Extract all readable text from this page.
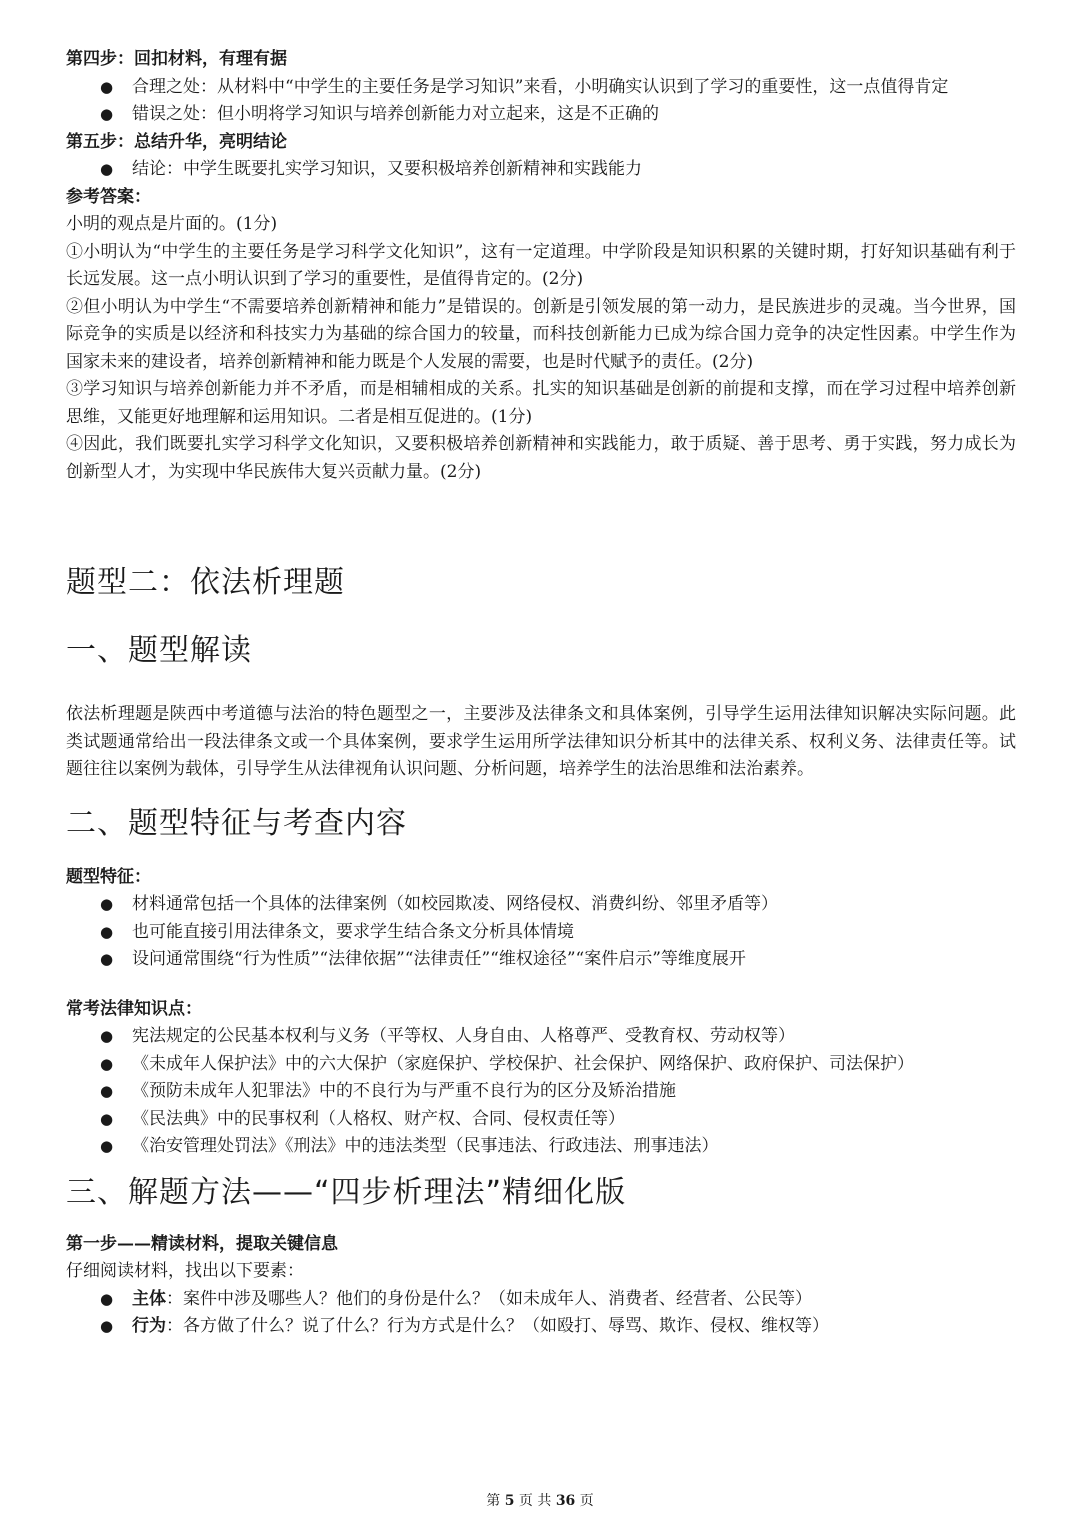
第四步：回扣材料，有理有据
● 合理之处：从材料中“中学生的主要任务是学习知识”来看，小明确实认识到了学习的重要性，这一点值得肯定
● 错误之处：但小明将学习知识与培养创新能力对立起来，这是不正确的
第五步：总结升华，亮明结论
● 结论：中学生既要扎实学习知识，又要积极培养创新精神和实践能力
参考答案：
小明的观点是片面的。(1分)
①小明认为“中学生的主要任务是学习科学文化知识”，这有一定道理。中学阶段是知识积累的关键时期，打好知识基础有利于长远发展。这一点小明认识到了学习的重要性，是值得肯定的。(2分)
②但小明认为中学生“不需要培养创新精神和能力”是错误的。创新是引领发展的第一动力，是民族进步的灵魂。当今世界，国际竞争的实质是以经济和科技实力为基础的综合国力的较量，而科技创新能力已成为综合国力竞争的决定性因素。中学生作为国家未来的建设者，培养创新精神和能力既是个人发展的需要，也是时代赋予的责任。(2分)
③学习知识与培养创新能力并不矛盾，而是相辅相成的关系。扎实的知识基础是创新的前提和支撑，而在学习过程中培养创新思维，又能更好地理解和运用知识。二者是相互促进的。(1分)
④因此，我们既要扎实学习科学文化知识，又要积极培养创新精神和实践能力，敢于质疑、善于思考、勇于实践，努力成长为创新型人才，为实现中华民族伟大复兴贡献力量。(2分)
题型二：依法析理题
一、题型解读
依法析理题是陕西中考道德与法治的特色题型之一，主要涉及法律条文和具体案例，引导学生运用法律知识解决实际问题。此类试题通常给出一段法律条文或一个具体案例，要求学生运用所学法律知识分析其中的法律关系、权利义务、法律责任等。试题往往以案例为载体，引导学生从法律视角认识问题、分析问题，培养学生的法治思维和法治素养。
二、题型特征与考查内容
题型特征：
● 材料通常包括一个具体的法律案例（如校园欺凌、网络侵权、消费纠纷、邻里矛盾等）
● 也可能直接引用法律条文，要求学生结合条文分析具体情境
● 设问通常围绕“行为性质”“法律依据”“法律责任”“维权途径”“案件启示”等维度展开
常考法律知识点：
● 宪法规定的公民基本权利与义务（平等权、人身自由、人格尊严、受教育权、劳动权等）
● 《未成年人保护法》中的六大保护（家庭保护、学校保护、社会保护、网络保护、政府保护、司法保护）
● 《预防未成年人犯罪法》中的不良行为与严重不良行为的区分及矫治措施
● 《民法典》中的民事权利（人格权、财产权、合同、侵权责任等）
● 《治安管理处罚法》《刑法》中的违法类型（民事违法、行政违法、刑事违法）
三、解题方法——“四步析理法”精细化版
第一步——精读材料，提取关键信息
仔细阅读材料，找出以下要素：
● 主体：案件中涉及哪些人？他们的身份是什么？（如未成年人、消费者、经营者、公民等）
● 行为：各方做了什么？说了什么？行为方式是什么？（如殴打、辱骂、欺诈、侵权、维权等）
第 5 页 共 36 页
